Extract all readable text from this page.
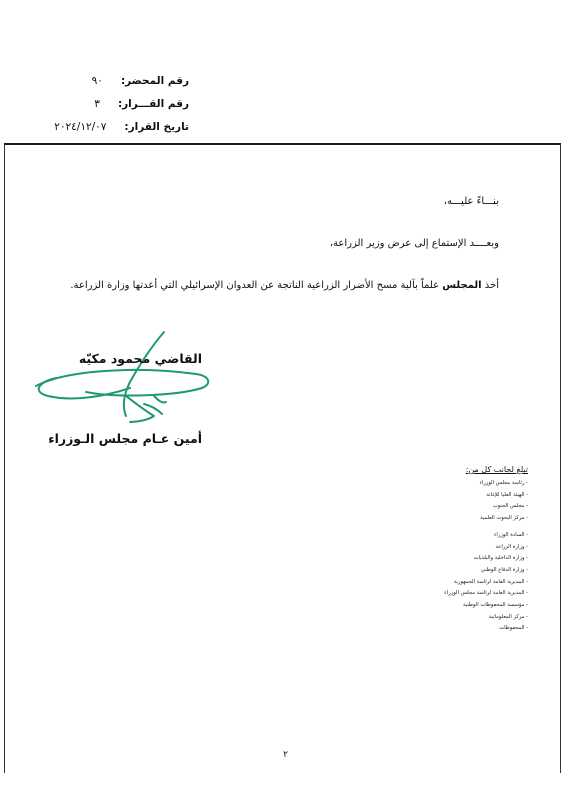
رقم المحضر:
٩٠
رقم القـــرار:
٣
تاريخ القرار:
٢٠٢٤/١٢/٠٧
بنـــاءً عليـــه،
وبعــــد الإستماع إلى عرض وزير الزراعة،
أخذ المجلس علماً بآلية مسح الأضرار الزراعية الناتجة عن العدوان الإسرائيلي التي أعدتها وزارة الزراعة.
القاضي محمود مكيّه
أمين عـام مجلس الـوزراء
تبلغ لجانب كل من:
- رئاسة مجلس الوزراء
- الهيئة العليا للإغاثة
- مجلس الجنوب
- مركز البحوث العلمية
- السادة الوزراء
- وزارة الزراعة
- وزارة الداخلية والبلديات
- وزارة الدفاع الوطني
- المديرية العامة لرئاسة الجمهورية
- المديرية العامة لرئاسة مجلس الوزراء
- مؤسسة المحفوظات الوطنية
- مركز المعلوماتية
- المحفوظات
٢
